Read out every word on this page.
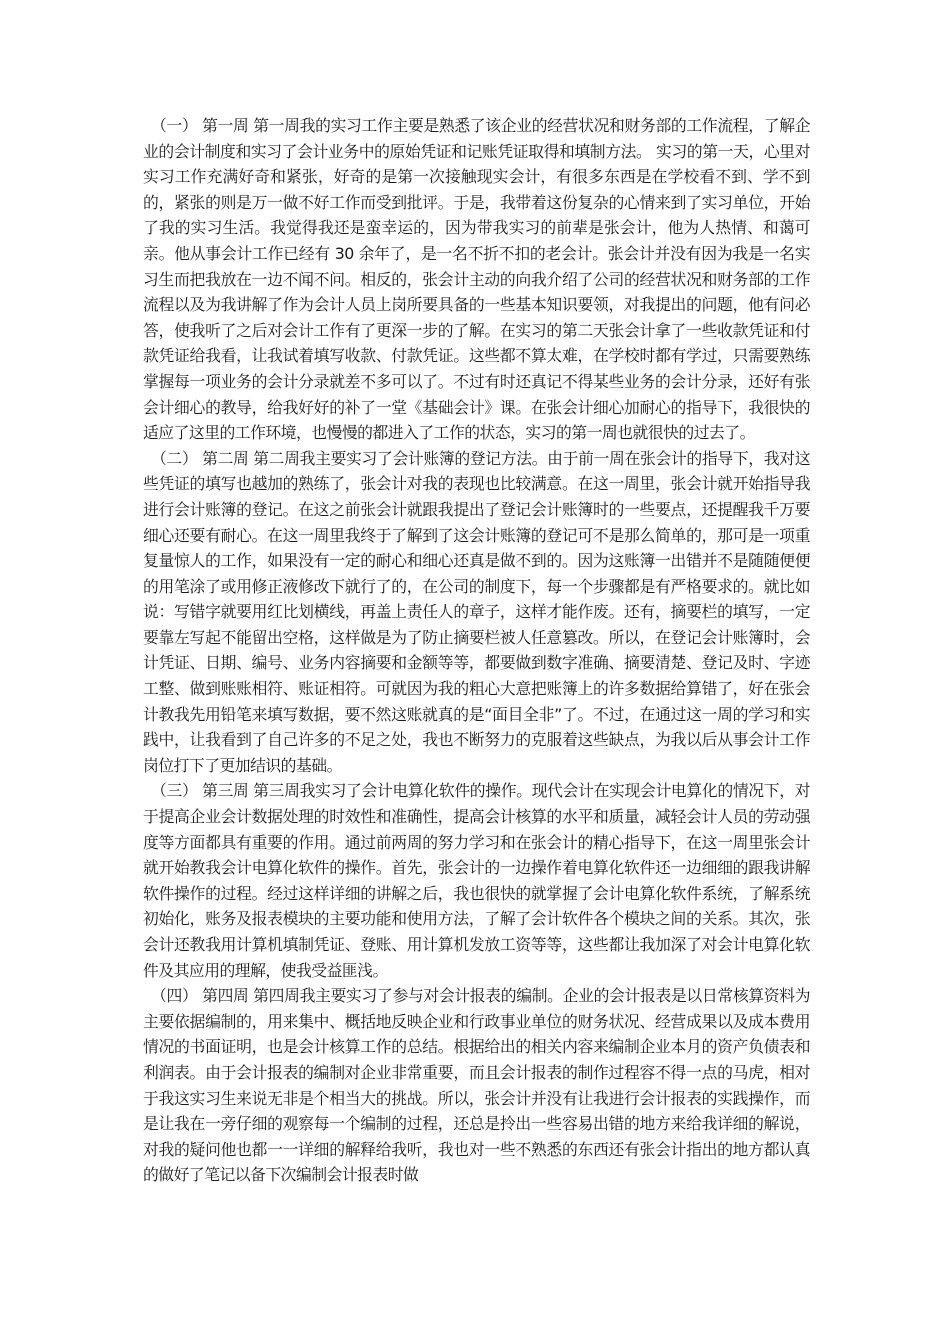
（一） 第一周 第一周我的实习工作主要是熟悉了该企业的经营状况和财务部的工作流程，了解企业的会计制度和实习了会计业务中的原始凭证和记账凭证取得和填制方法。 实习的第一天，心里对实习工作充满好奇和紧张，好奇的是第一次接触现实会计，有很多东西是在学校看不到、学不到的，紧张的则是万一做不好工作而受到批评。于是，我带着这份复杂的心情来到了实习单位，开始了我的实习生活。我觉得我还是蛮幸运的，因为带我实习的前辈是张会计，他为人热情、和蔼可亲。他从事会计工作已经有 30 余年了，是一名不折不扣的老会计。张会计并没有因为我是一名实习生而把我放在一边不闻不问。相反的，张会计主动的向我介绍了公司的经营状况和财务部的工作流程以及为我讲解了作为会计人员上岗所要具备的一些基本知识要领，对我提出的问题，他有问必答，使我听了之后对会计工作有了更深一步的了解。在实习的第二天张会计拿了一些收款凭证和付款凭证给我看，让我试着填写收款、付款凭证。这些都不算太难，在学校时都有学过，只需要熟练掌握每一项业务的会计分录就差不多可以了。不过有时还真记不得某些业务的会计分录，还好有张会计细心的教导，给我好好的补了一堂《基础会计》课。在张会计细心加耐心的指导下，我很快的适应了这里的工作环境，也慢慢的都进入了工作的状态，实习的第一周也就很快的过去了。

（二） 第二周 第二周我主要实习了会计账簿的登记方法。由于前一周在张会计的指导下，我对这些凭证的填写也越加的熟练了，张会计对我的表现也比较满意。在这一周里，张会计就开始指导我进行会计账簿的登记。在这之前张会计就跟我提出了登记会计账簿时的一些要点，还提醒我千万要细心还要有耐心。在这一周里我终于了解到了这会计账簿的登记可不是那么简单的，那可是一项重复量惊人的工作，如果没有一定的耐心和细心还真是做不到的。因为这账簿一出错并不是随随便便的用笔涂了或用修正液修改下就行了的，在公司的制度下，每一个步骤都是有严格要求的。就比如说：写错字就要用红比划横线，再盖上责任人的章子，这样才能作废。还有，摘要栏的填写，一定要靠左写起不能留出空格，这样做是为了防止摘要栏被人任意篡改。所以，在登记会计账簿时，会计凭证、日期、编号、业务内容摘要和金额等等，都要做到数字准确、摘要清楚、登记及时、字迹工整、做到账账相符、账证相符。可就因为我的粗心大意把账簿上的许多数据给算错了，好在张会计教我先用铅笔来填写数据，要不然这账就真的是“面目全非”了。不过，在通过这一周的学习和实践中，让我看到了自己许多的不足之处，我也不断努力的克服着这些缺点，为我以后从事会计工作岗位打下了更加结识的基础。

（三） 第三周 第三周我实习了会计电算化软件的操作。现代会计在实现会计电算化的情况下，对于提高企业会计数据处理的时效性和准确性，提高会计核算的水平和质量，减轻会计人员的劳动强度等方面都具有重要的作用。通过前两周的努力学习和在张会计的精心指导下，在这一周里张会计就开始教我会计电算化软件的操作。首先，张会计的一边操作着电算化软件还一边细细的跟我讲解软件操作的过程。经过这样详细的讲解之后，我也很快的就掌握了会计电算化软件系统，了解系统初始化，账务及报表模块的主要功能和使用方法，了解了会计软件各个模块之间的关系。其次，张会计还教我用计算机填制凭证、登账、用计算机发放工资等等，这些都让我加深了对会计电算化软件及其应用的理解，使我受益匪浅。

（四） 第四周 第四周我主要实习了参与对会计报表的编制。企业的会计报表是以日常核算资料为主要依据编制的，用来集中、概括地反映企业和行政事业单位的财务状况、经营成果以及成本费用情况的书面证明，也是会计核算工作的总结。根据给出的相关内容来编制企业本月的资产负债表和利润表。由于会计报表的编制对企业非常重要，而且会计报表的制作过程容不得一点的马虎，相对于我这实习生来说无非是个相当大的挑战。所以，张会计并没有让我进行会计报表的实践操作，而是让我在一旁仔细的观察每一个编制的过程，还总是拎出一些容易出错的地方来给我详细的解说，对我的疑问他也都一一详细的解释给我听，我也对一些不熟悉的东西还有张会计指出的地方都认真的做好了笔记以备下次编制会计报表时做
